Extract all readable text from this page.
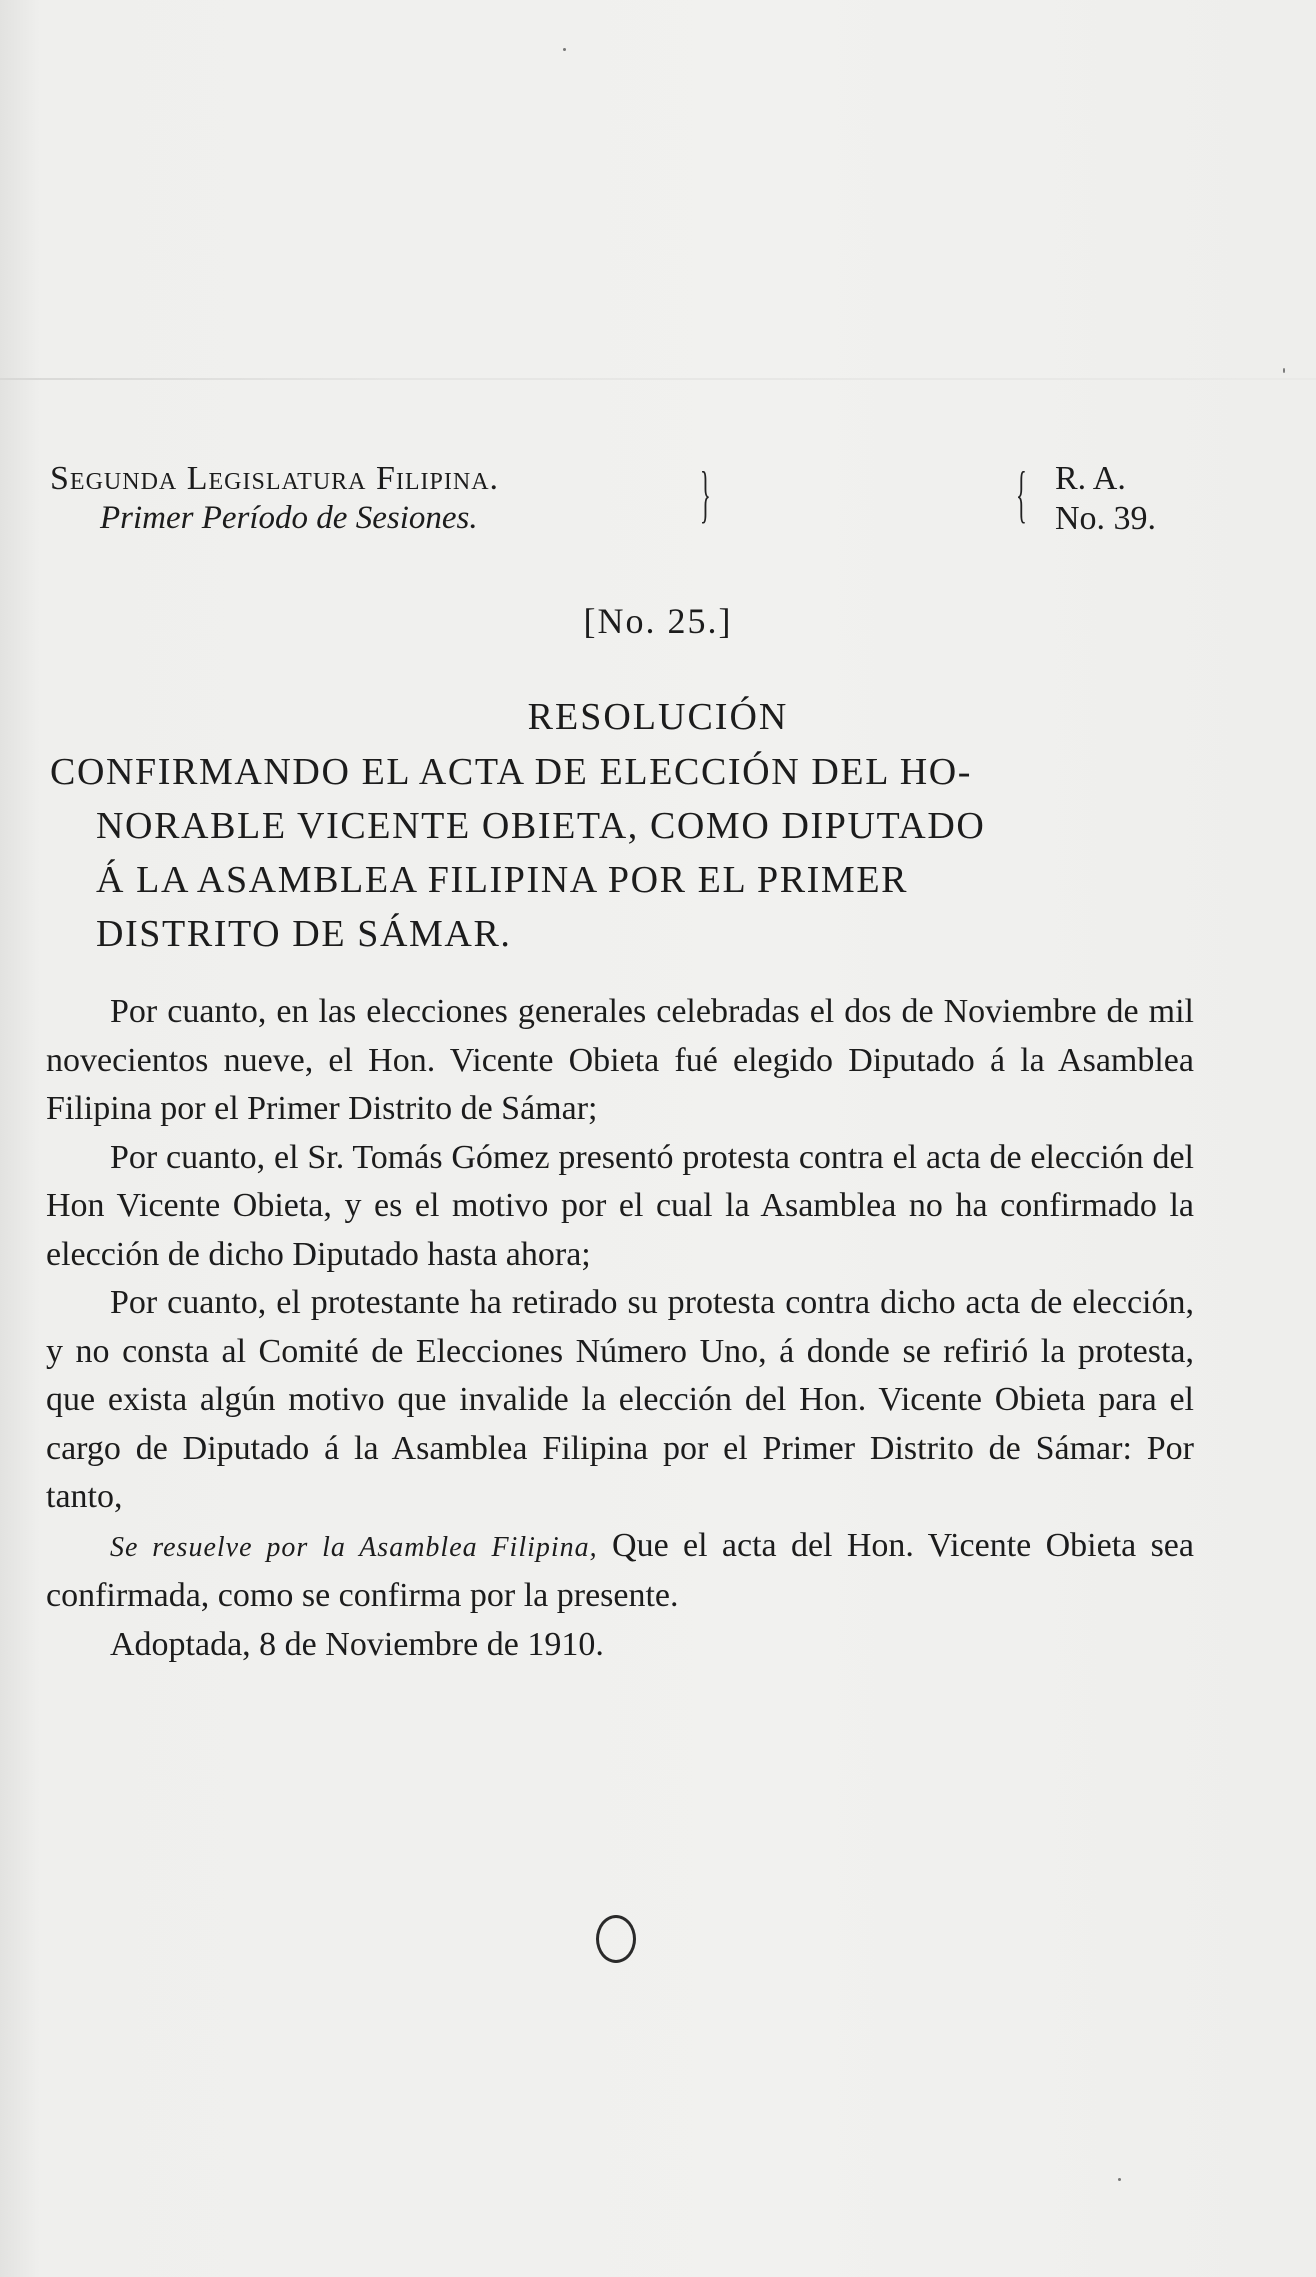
Segunda Legislatura Filipina.
Primer Período de Sesiones.	}	{ R. A.
No. 39.
[No. 25.]
RESOLUCIÓN
CONFIRMANDO EL ACTA DE ELECCIÓN DEL HO-
NORABLE VICENTE OBIETA, COMO DIPUTADO
Á LA ASAMBLEA FILIPINA POR EL PRIMER
DISTRITO DE SÁMAR.

Por cuanto, en las elecciones generales celebradas el dos de Noviembre de mil novecientos nueve, el Hon. Vicente Obieta fué elegido Diputado á la Asamblea Filipina por el Primer Distrito de Sámar;

Por cuanto, el Sr. Tomás Gómez presentó protesta contra el acta de elección del Hon Vicente Obieta, y es el motivo por el cual la Asamblea no ha confirmado la elección de dicho Diputado hasta ahora;

Por cuanto, el protestante ha retirado su protesta contra dicho acta de elección, y no consta al Comité de Elecciones Número Uno, á donde se refirió la protesta, que exista algún motivo que invalide la elección del Hon. Vicente Obieta para el cargo de Diputado á la Asamblea Filipina por el Primer Distrito de Sámar: Por tanto,

Se resuelve por la Asamblea Filipina, Que el acta del Hon. Vicente Obieta sea confirmada, como se confirma por la presente.

Adoptada, 8 de Noviembre de 1910.
